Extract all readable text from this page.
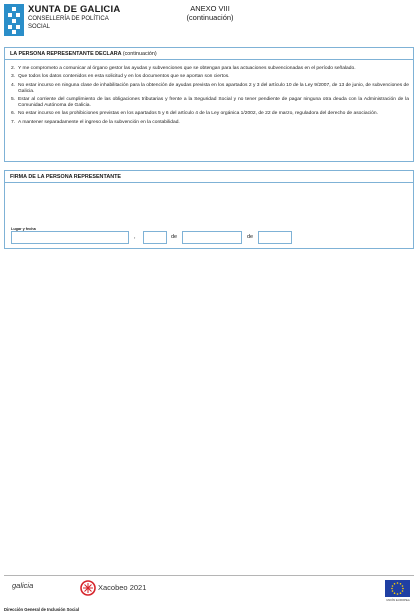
XUNTA DE GALICIA
CONSELLERÍA DE POLÍTICA
SOCIAL
ANEXO VIII
(continuación)
LA PERSONA REPRESENTANTE DECLARA (continuación)
2. Y me comprometo a comunicar al órgano gestor las ayudas y subvenciones que se obtengan para las actuaciones subvencionadas en el período señalado.
3. Que todos los datos contenidos en esta solicitud y en los documentos que se aportan son ciertos.
4. No estar incurso en ninguna clase de inhabilitación para la obtención de ayudas prevista en los apartados 2 y 3 del artículo 10 de la Ley 9/2007, de 13 de junio, de subvenciones de Galicia.
5. Estar al corriente del cumplimiento de las obligaciones tributarias y frente a la Seguridad Social y no tener pendiente de pagar ninguna otra deuda con la Administración de la Comunidad Autónoma de Galicia.
6. No estar incurso en las prohibiciones previstas en los apartados 5 y 6 del artículo 4 de la Ley orgánica 1/2002, de 22 de marzo, reguladora del derecho de asociación.
7. A mantener separadamente el ingreso de la subvención en la contabilidad.
FIRMA DE LA PERSONA REPRESENTANTE
Lugar y fecha
,	de	de
galicia	Xacobeo 2021
UNIÓN EUROPEA
Dirección General de Inclusión Social
